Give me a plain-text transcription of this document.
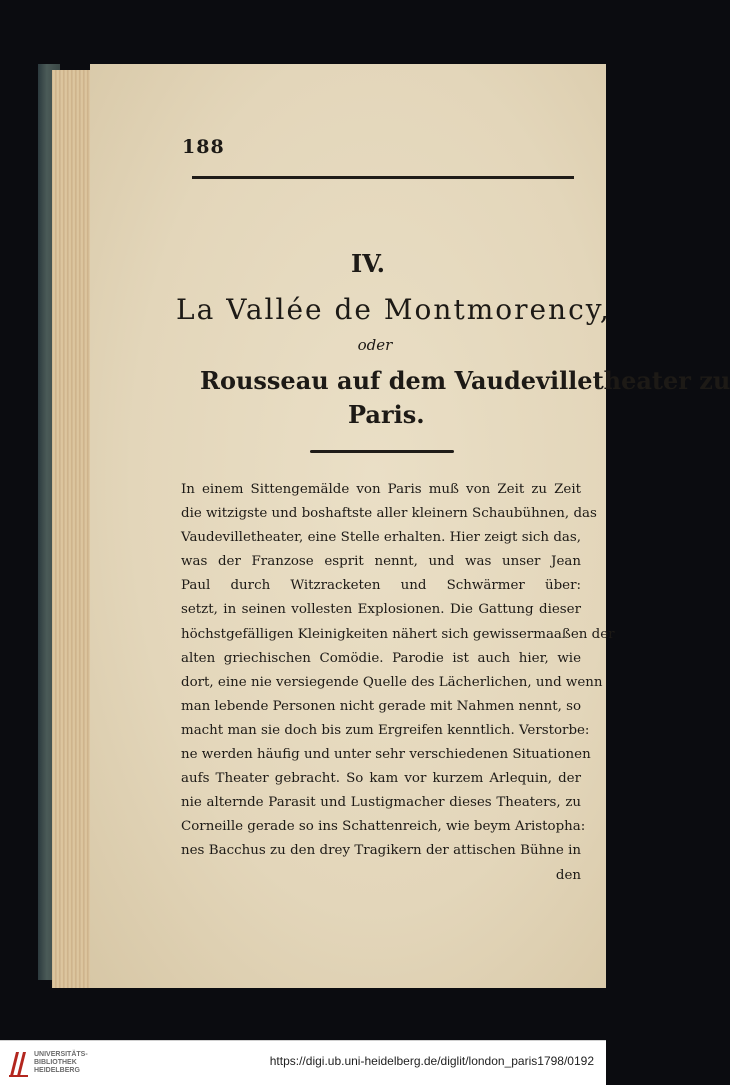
188
IV.
La Vallée de Montmorency,
oder
Rousseau auf dem Vaudevilletheater zu
Paris.
In einem Sittengemälde von Paris muß von Zeit zu Zeit
die witzigste und boshaftste aller kleinern Schaubühnen, das
Vaudevilletheater, eine Stelle erhalten. Hier zeigt sich das,
was der Franzose esprit nennt, und was unser Jean
Paul durch Witzracketen und Schwärmer über:
setzt, in seinen vollesten Explosionen. Die Gattung dieser
höchstgefälligen Kleinigkeiten nähert sich gewissermaaßen der
alten griechischen Comödie. Parodie ist auch hier, wie
dort, eine nie versiegende Quelle des Lächerlichen, und wenn
man lebende Personen nicht gerade mit Nahmen nennt, so
macht man sie doch bis zum Ergreifen kenntlich. Verstorbe:
ne werden häufig und unter sehr verschiedenen Situationen
aufs Theater gebracht. So kam vor kurzem Arlequin, der
nie alternde Parasit und Lustigmacher dieses Theaters, zu
Corneille gerade so ins Schattenreich, wie beym Aristopha:
nes Bacchus zu den drey Tragikern der attischen Bühne in
den
UNIVERSITÄTS-
BIBLIOTHEK
HEIDELBERG
https://digi.ub.uni-heidelberg.de/diglit/london_paris1798/0192
